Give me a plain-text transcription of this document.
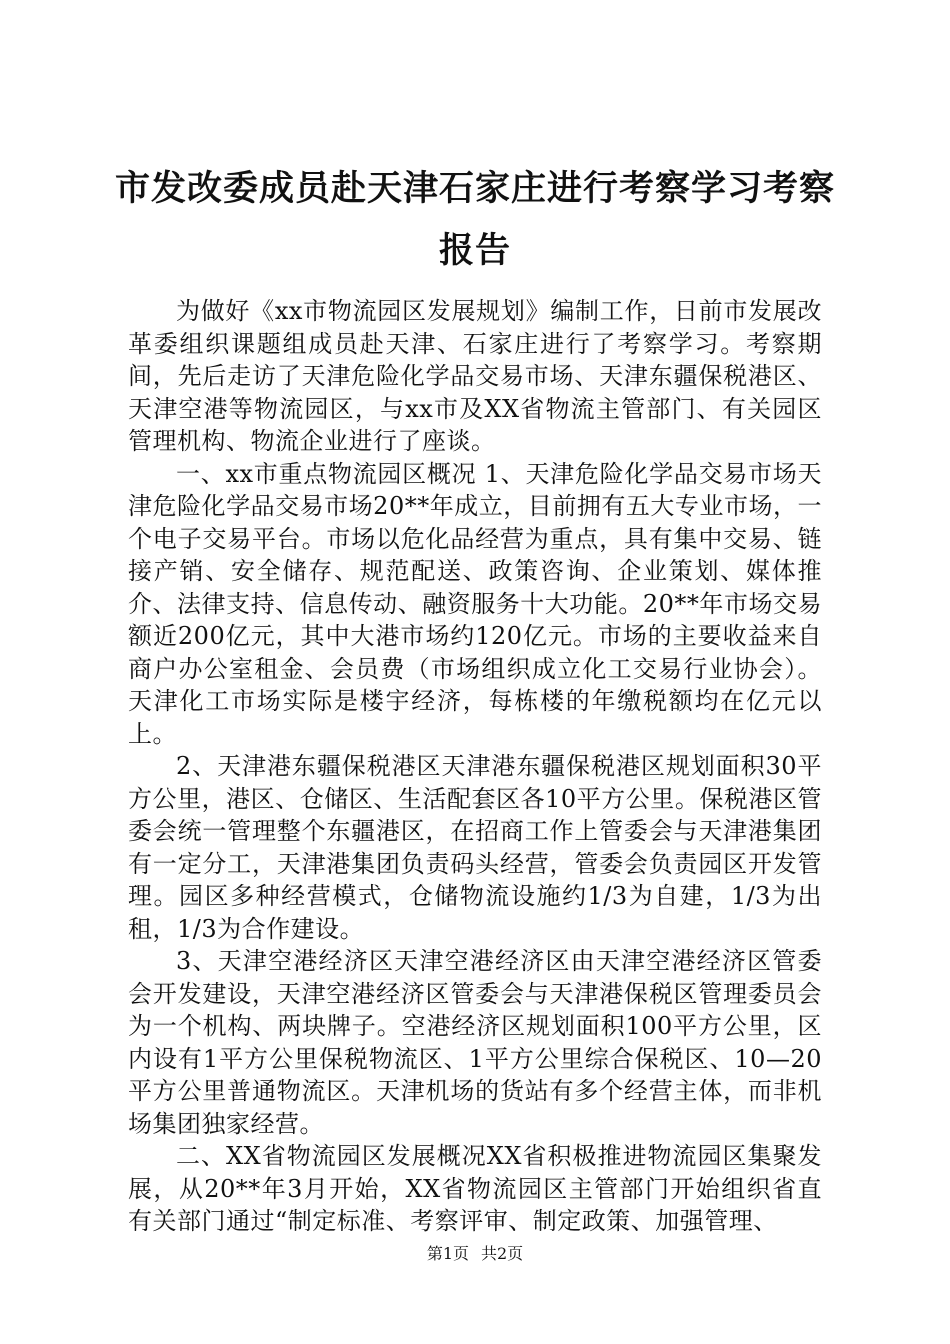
市发改委成员赴天津石家庄进行考察学习考察报告

为做好《xx市物流园区发展规划》编制工作，日前市发展改革委组织课题组成员赴天津、石家庄进行了考察学习。考察期间，先后走访了天津危险化学品交易市场、天津东疆保税港区、天津空港等物流园区，与xx市及XX省物流主管部门、有关园区管理机构、物流企业进行了座谈。

一、xx市重点物流园区概况 1、天津危险化学品交易市场天津危险化学品交易市场20**年成立，目前拥有五大专业市场，一个电子交易平台。市场以危化品经营为重点，具有集中交易、链接产销、安全储存、规范配送、政策咨询、企业策划、媒体推介、法律支持、信息传动、融资服务十大功能。20**年市场交易额近200亿元，其中大港市场约120亿元。市场的主要收益来自商户办公室租金、会员费（市场组织成立化工交易行业协会）。天津化工市场实际是楼宇经济，每栋楼的年缴税额均在亿元以上。

2、天津港东疆保税港区天津港东疆保税港区规划面积30平方公里，港区、仓储区、生活配套区各10平方公里。保税港区管委会统一管理整个东疆港区，在招商工作上管委会与天津港集团有一定分工，天津港集团负责码头经营，管委会负责园区开发管理。园区多种经营模式，仓储物流设施约1/3为自建，1/3为出租，1/3为合作建设。

3、天津空港经济区天津空港经济区由天津空港经济区管委会开发建设，天津空港经济区管委会与天津港保税区管理委员会为一个机构、两块牌子。空港经济区规划面积100平方公里，区内设有1平方公里保税物流区、1平方公里综合保税区、10—20平方公里普通物流区。天津机场的货站有多个经营主体，而非机场集团独家经营。

二、XX省物流园区发展概况XX省积极推进物流园区集聚发展，从20**年3月开始，XX省物流园区主管部门开始组织省直有关部门通过“制定标准、考察评审、制定政策、加强管理、

第1页 共2页
